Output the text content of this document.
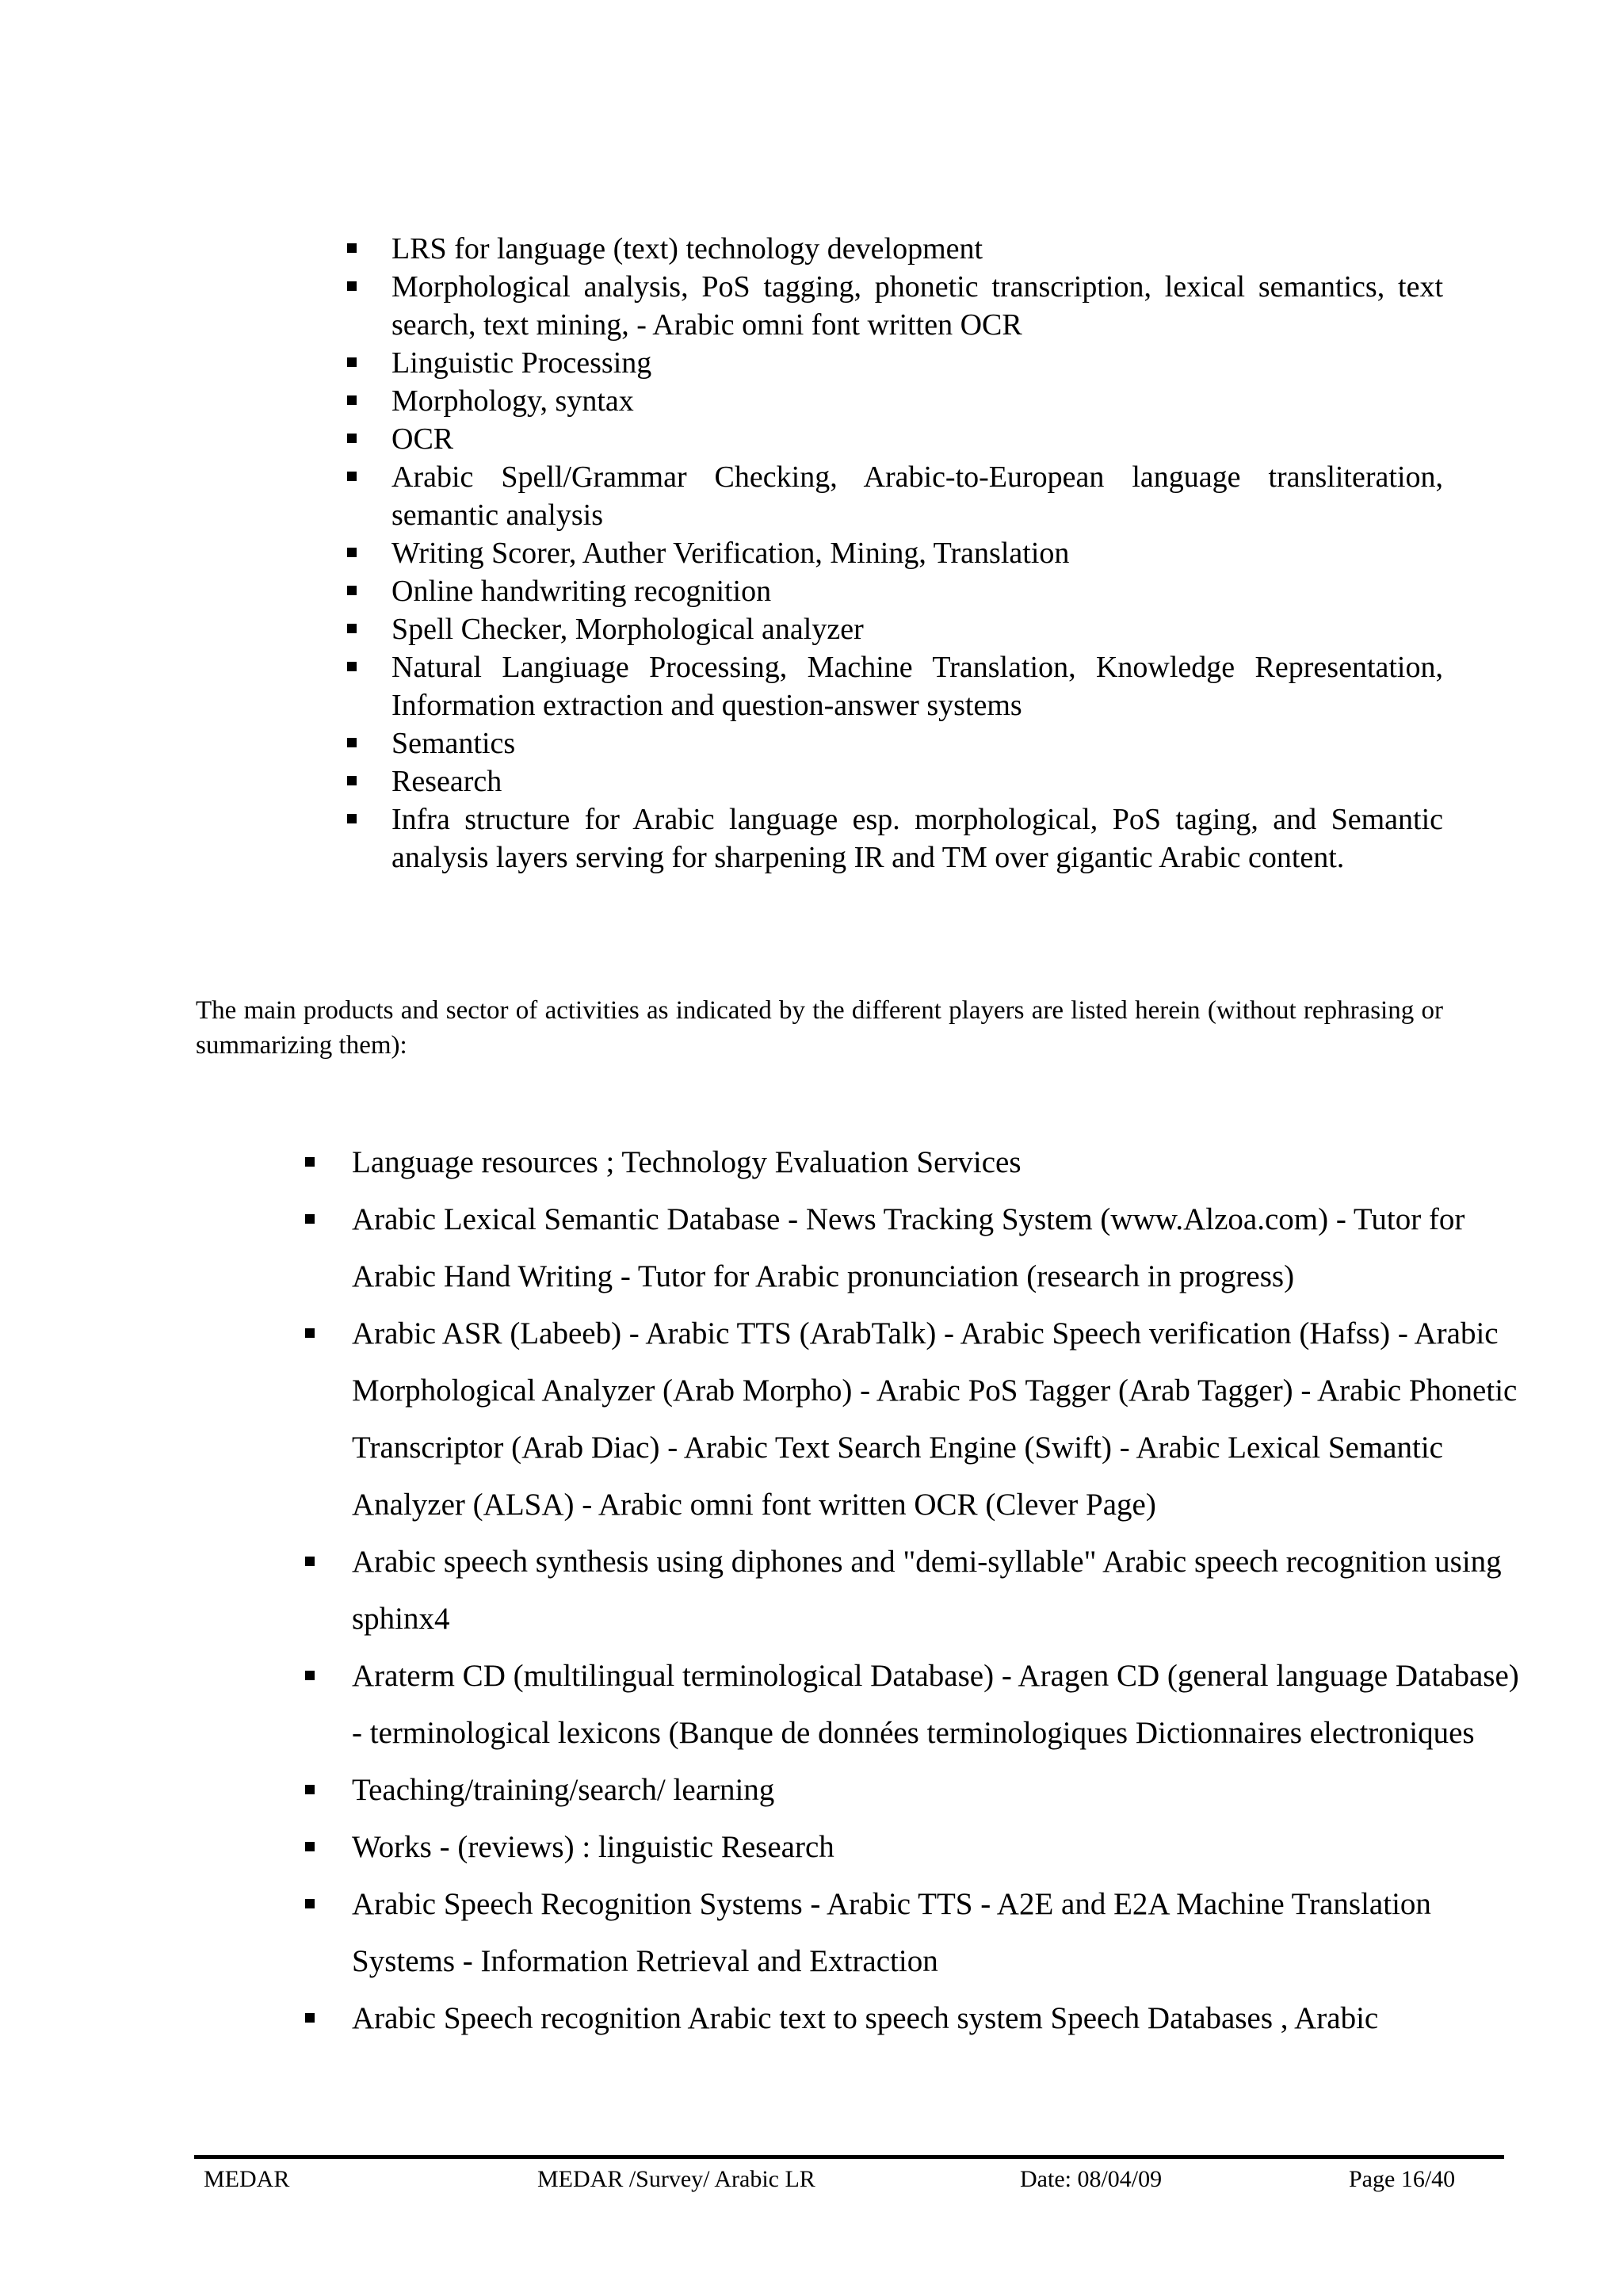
LRS for language (text) technology development
Morphological analysis, PoS tagging, phonetic transcription, lexical semantics, text search, text mining, - Arabic omni font written OCR
Linguistic Processing
Morphology, syntax
OCR
Arabic Spell/Grammar Checking, Arabic-to-European language transliteration, semantic analysis
Writing Scorer, Auther Verification, Mining, Translation
Online handwriting recognition
Spell Checker, Morphological analyzer
Natural Langiuage Processing, Machine Translation, Knowledge Representation, Information extraction and question-answer systems
Semantics
Research
Infra structure for Arabic language esp. morphological, PoS taging, and Semantic analysis layers serving for sharpening IR and TM over gigantic Arabic content.

The main products and sector of activities as indicated by the different players are listed herein (without rephrasing or summarizing them):

Language resources ; Technology Evaluation Services
Arabic Lexical Semantic Database - News Tracking System (www.Alzoa.com) - Tutor for Arabic Hand Writing - Tutor for Arabic pronunciation (research in progress)
Arabic ASR (Labeeb) - Arabic TTS (ArabTalk) - Arabic Speech verification (Hafss) - Arabic Morphological Analyzer (Arab Morpho) - Arabic PoS Tagger (Arab Tagger) - Arabic Phonetic Transcriptor (Arab Diac) - Arabic Text Search Engine (Swift) - Arabic Lexical Semantic Analyzer (ALSA) - Arabic omni font written OCR (Clever Page)
Arabic speech synthesis using diphones and "demi-syllable" Arabic speech recognition using sphinx4
Araterm CD (multilingual terminological Database) - Aragen CD (general language Database) - terminological lexicons (Banque de données terminologiques Dictionnaires electroniques
Teaching/training/search/ learning
Works - (reviews) : linguistic Research
Arabic Speech Recognition Systems - Arabic TTS - A2E and E2A Machine Translation Systems - Information Retrieval and Extraction
Arabic Speech recognition Arabic text to speech system Speech Databases , Arabic
MEDAR	MEDAR /Survey/ Arabic LR	Date: 08/04/09	Page 16/40
